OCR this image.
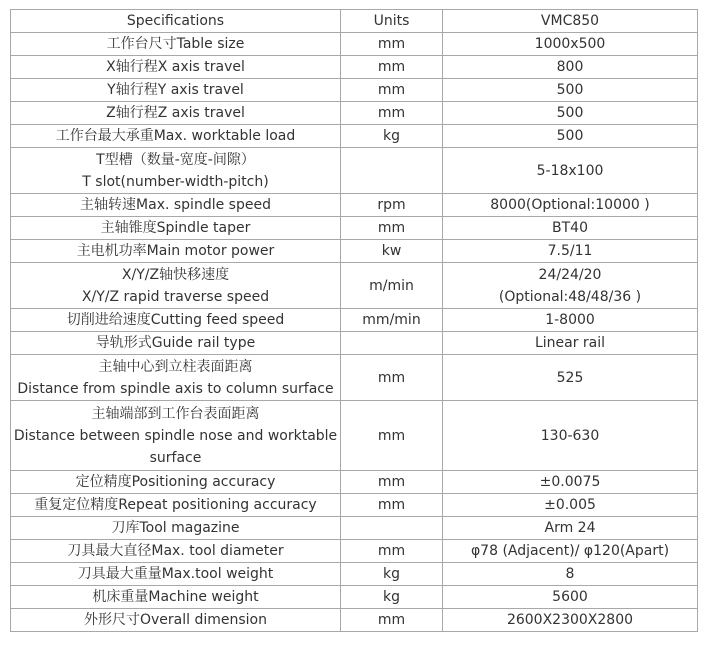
Specifications	Units	VMC850

工作台尺寸Table size	mm	1000x500

X轴行程X axis travel	mm	800

Y轴行程Y axis travel	mm	500

Z轴行程Z axis travel	mm	500

工作台最大承重Max. worktable load	kg	500

T型槽（数量-宽度-间隙）
T slot(number-width-pitch)		5-18x100

主轴转速Max. spindle speed	rpm	8000(Optional:10000 )

主轴锥度Spindle taper	mm	BT40

主电机功率Main motor power	kw	7.5/11

X/Y/Z轴快移速度
X/Y/Z rapid traverse speed	m/min	24/24/20
(Optional:48/48/36 )

切削进给速度Cutting feed speed	mm/min	1-8000

导轨形式Guide rail type		Linear rail

主轴中心到立柱表面距离
Distance from spindle axis to column surface	mm	525

主轴端部到工作台表面距离
Distance between spindle nose and worktable
surface	mm	130-630

定位精度Positioning accuracy	mm	±0.0075

重复定位精度Repeat positioning accuracy	mm	±0.005

刀库Tool magazine		Arm 24

刀具最大直径Max. tool diameter	mm	φ78 (Adjacent)/ φ120(Apart)

刀具最大重量Max.tool weight	kg	8

机床重量Machine weight	kg	5600

外形尺寸Overall dimension	mm	2600X2300X2800
